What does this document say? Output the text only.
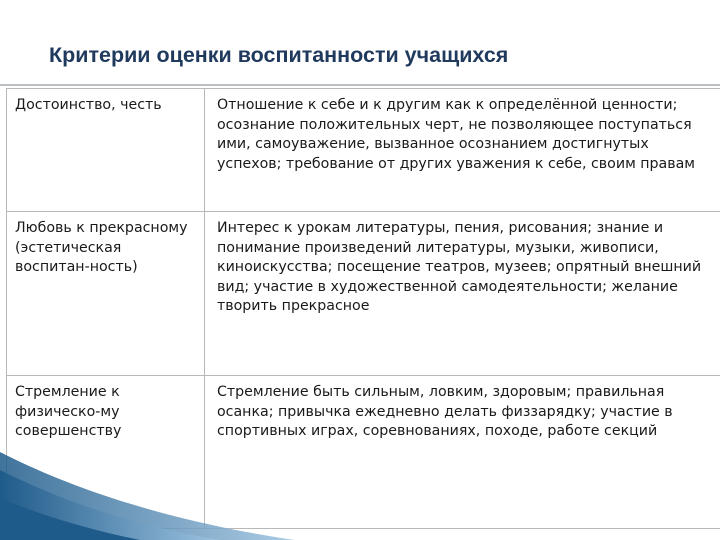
Критерии оценки воспитанности учащихся
Достоинство, честь	Отношение к себе и к другим как к определённой ценности; осознание положительных черт, не позволяющее поступаться ими, самоуважение, вызванное осознанием достигнутых успехов; требование от других уважения к себе, своим правам
Любовь к прекрасному (эстетическая воспитан-ность)	Интерес к урокам литературы, пения, рисования; знание и понимание произведений литературы, музыки, живописи, киноискусства; посещение театров, музеев; опрятный внешний вид; участие в художественной самодеятельности; желание творить прекрасное
Стремление к физическо-му совершенству	Стремление быть сильным, ловким, здоровым; правильная осанка; привычка ежедневно делать физзарядку; участие в спортивных играх, соревнованиях, походе, работе секций
